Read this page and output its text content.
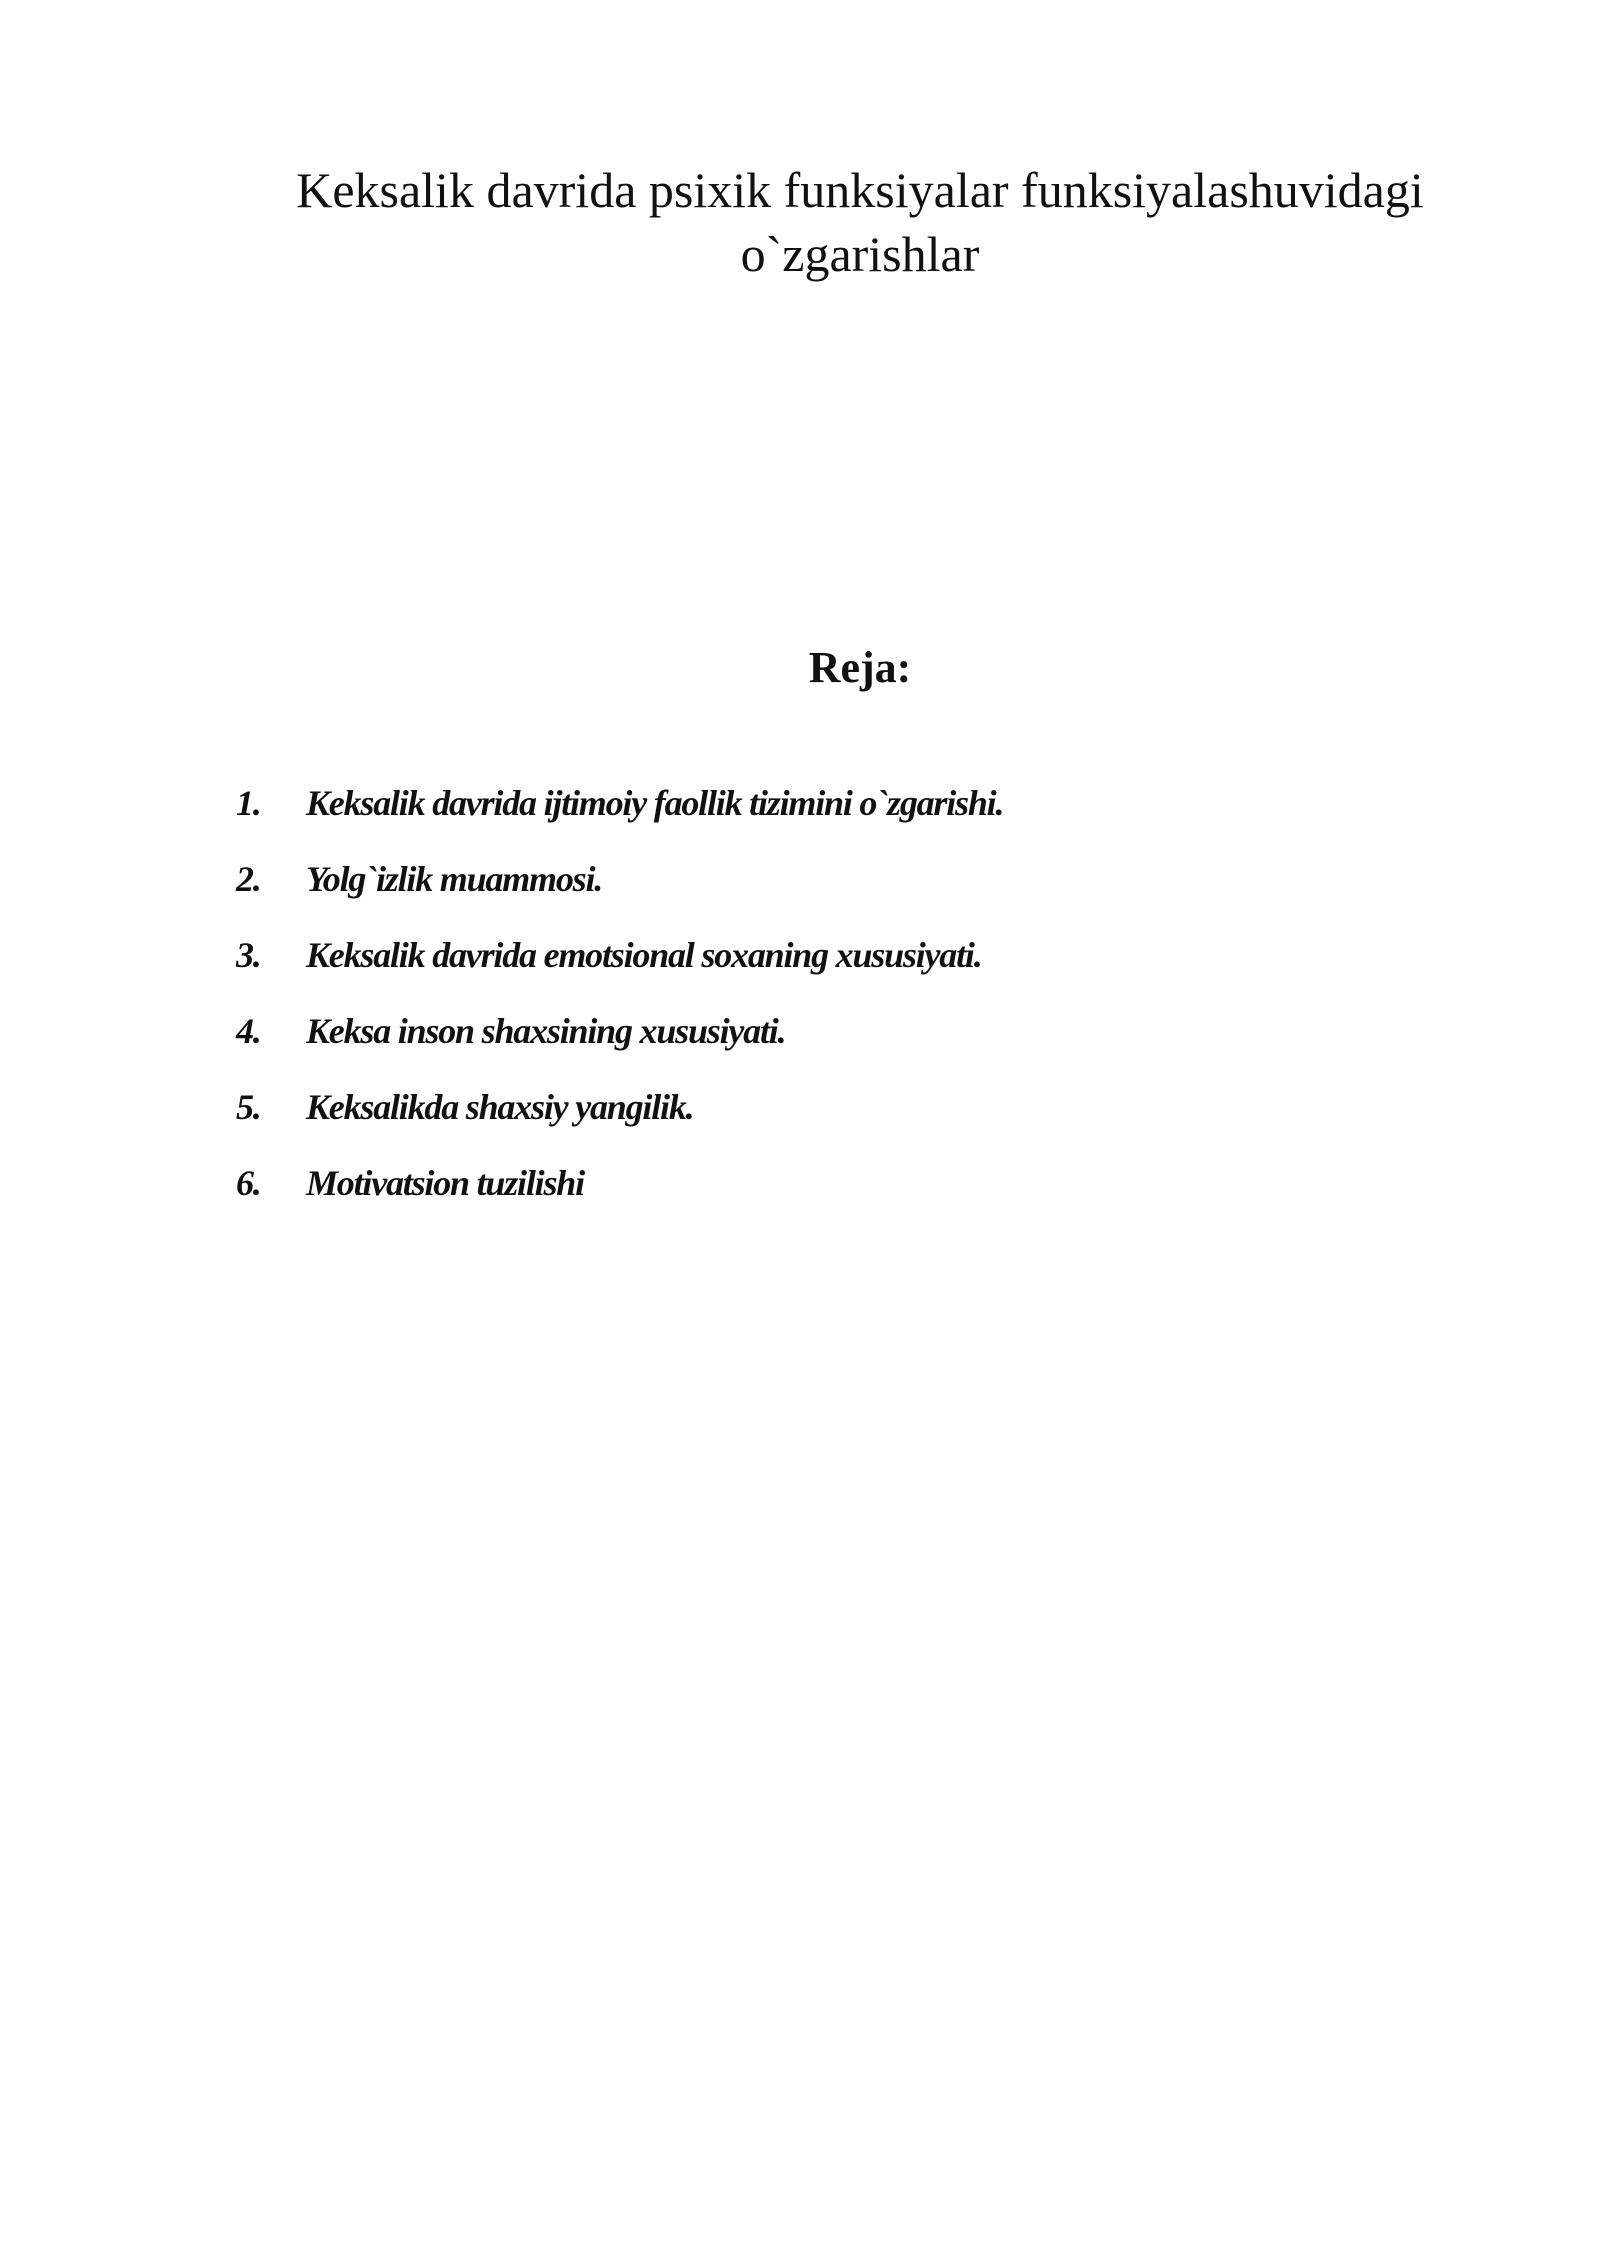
Keksalik davrida psixik funksiyalar funksiyalashuvidagi
o`zgarishlar
Reja:
1.	Keksalik davrida ijtimoiy faollik tizimini o`zgarishi.
2.	Yolg`izlik muammosi.
3.	Keksalik davrida emotsional soxaning xususiyati.
4.	Keksa inson shaxsining xususiyati.
5.	Keksalikda shaxsiy yangilik.
6.	Motivatsion tuzilishi
